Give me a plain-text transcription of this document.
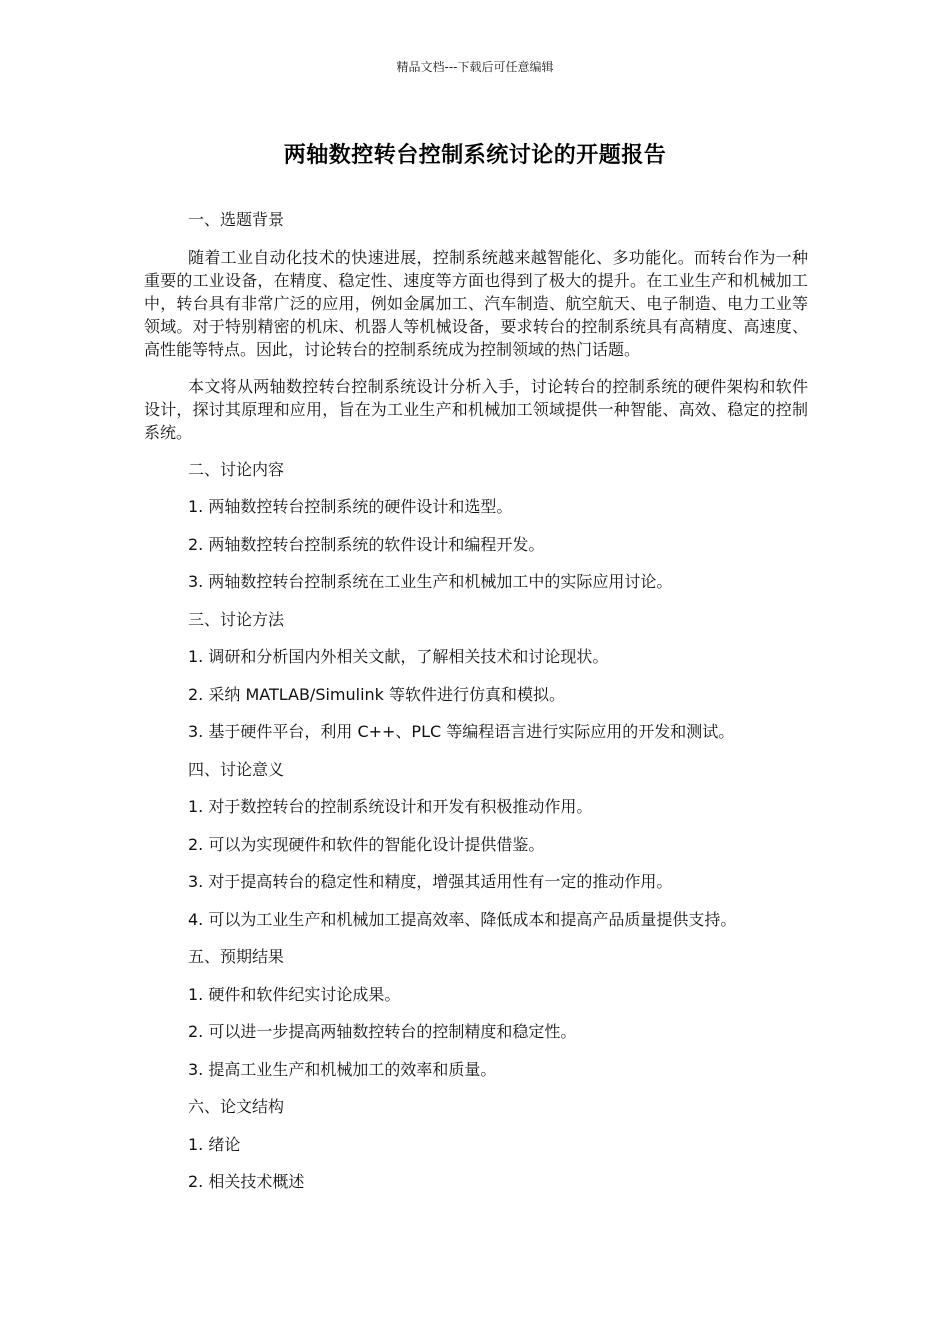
精品文档---下载后可任意编辑
两轴数控转台控制系统讨论的开题报告

一、选题背景

随着工业自动化技术的快速进展，控制系统越来越智能化、多功能化。而转台作为一种重要的工业设备，在精度、稳定性、速度等方面也得到了极大的提升。在工业生产和机械加工中，转台具有非常广泛的应用，例如金属加工、汽车制造、航空航天、电子制造、电力工业等领域。对于特别精密的机床、机器人等机械设备，要求转台的控制系统具有高精度、高速度、高性能等特点。因此，讨论转台的控制系统成为控制领域的热门话题。

本文将从两轴数控转台控制系统设计分析入手，讨论转台的控制系统的硬件架构和软件设计，探讨其原理和应用，旨在为工业生产和机械加工领域提供一种智能、高效、稳定的控制系统。

二、讨论内容

1. 两轴数控转台控制系统的硬件设计和选型。

2. 两轴数控转台控制系统的软件设计和编程开发。

3. 两轴数控转台控制系统在工业生产和机械加工中的实际应用讨论。

三、讨论方法

1. 调研和分析国内外相关文献，了解相关技术和讨论现状。

2. 采纳 MATLAB/Simulink 等软件进行仿真和模拟。

3. 基于硬件平台，利用 C++、PLC 等编程语言进行实际应用的开发和测试。

四、讨论意义

1. 对于数控转台的控制系统设计和开发有积极推动作用。

2. 可以为实现硬件和软件的智能化设计提供借鉴。

3. 对于提高转台的稳定性和精度，增强其适用性有一定的推动作用。

4. 可以为工业生产和机械加工提高效率、降低成本和提高产品质量提供支持。

五、预期结果

1. 硬件和软件纪实讨论成果。

2. 可以进一步提高两轴数控转台的控制精度和稳定性。

3. 提高工业生产和机械加工的效率和质量。

六、论文结构

1. 绪论

2. 相关技术概述
